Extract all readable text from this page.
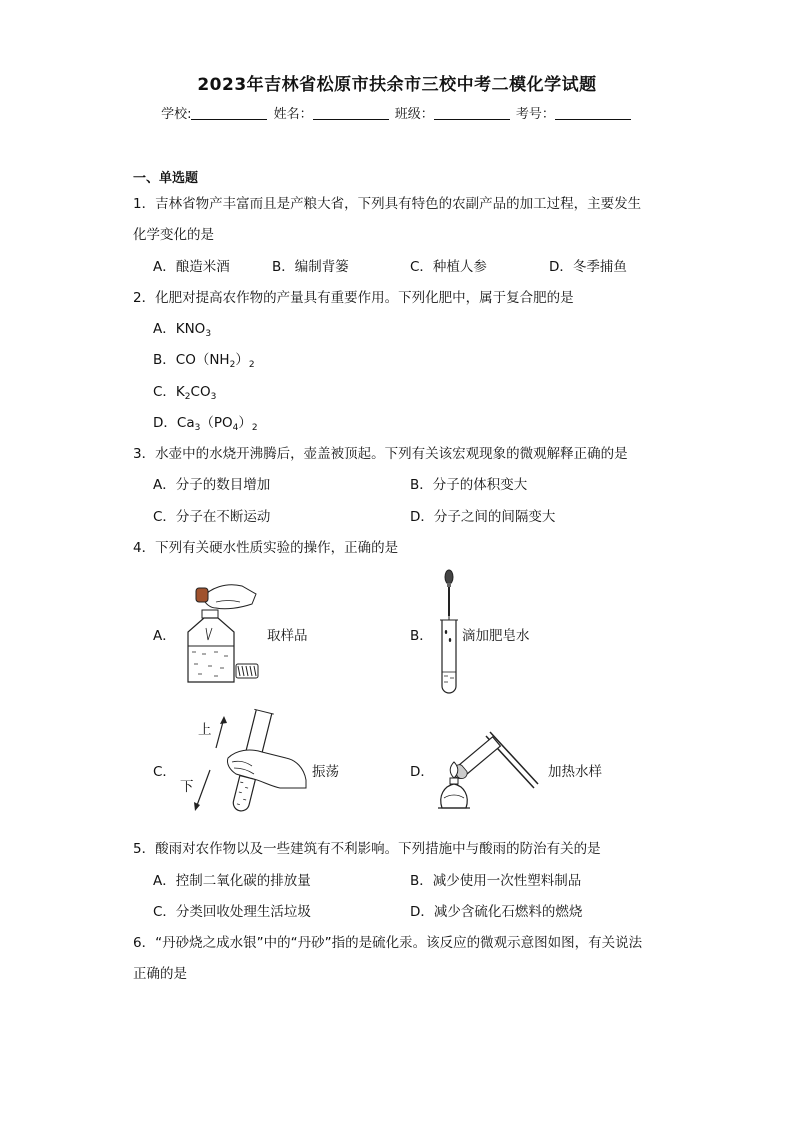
2023年吉林省松原市扶余市三校中考二模化学试题
学校:	姓名：	班级：	考号：
一、单选题
1．吉林省物产丰富而且是产粮大省，下列具有特色的农副产品的加工过程，主要发生
化学变化的是
A．酿造米酒	B．编制背篓	C．种植人参	D．冬季捕鱼
2．化肥对提高农作物的产量具有重要作用。下列化肥中，属于复合肥的是
A．$KNO_3$
B．$CO(NH_2)_2$
C．$K_2CO_3$
D．$Ca_3(PO_4)_2$
3．水壶中的水烧开沸腾后，壶盖被顶起。下列有关该宏观现象的微观解释正确的是
A．分子的数目增加	B．分子的体积变大
C．分子在不断运动	D．分子之间的间隔变大
4．下列有关硬水性质实验的操作，正确的是
A．	取样品	B． 滴加肥皂水
C．
上
下
振荡	D．	加热水样
5．酸雨对农作物以及一些建筑有不利影响。下列措施中与酸雨的防治有关的是
A．控制二氧化碳的排放量	B．减少使用一次性塑料制品
C．分类回收处理生活垃圾	D．减少含硫化石燃料的燃烧
6．“丹砂烧之成水银”中的“丹砂”指的是硫化汞。该反应的微观示意图如图，有关说法
正确的是
